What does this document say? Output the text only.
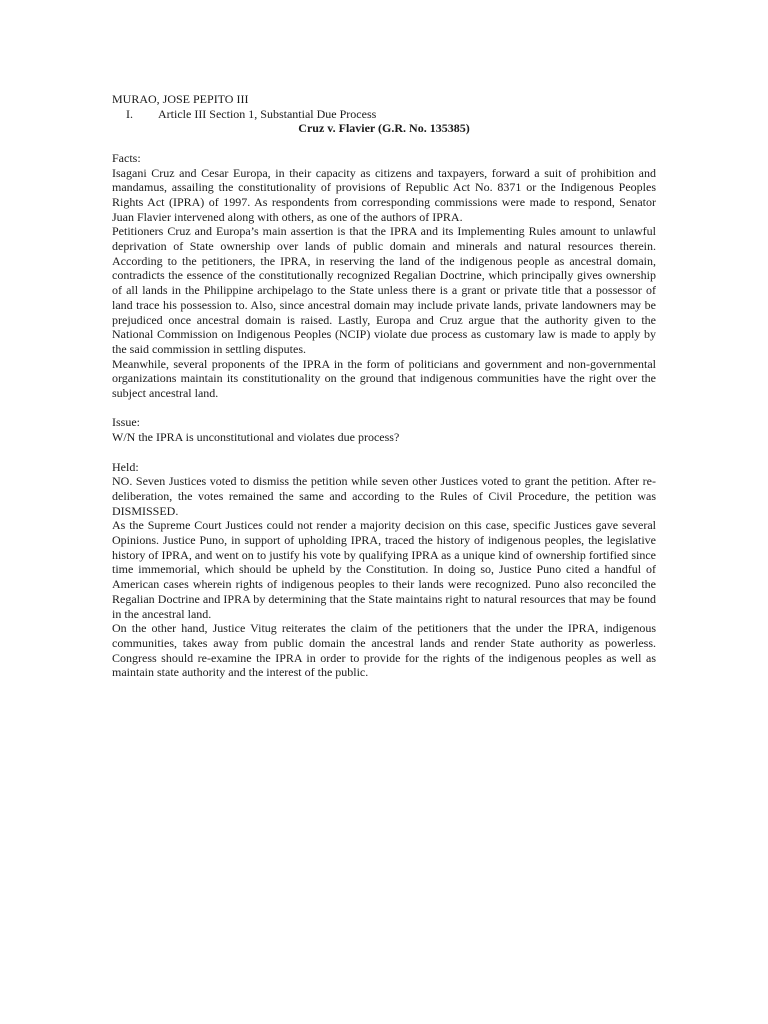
MURAO, JOSE PEPITO III
I.	Article III Section 1, Substantial Due Process
Cruz v. Flavier (G.R. No. 135385)
Facts:

Isagani Cruz and Cesar Europa, in their capacity as citizens and taxpayers, forward a suit of prohibition and mandamus, assailing the constitutionality of provisions of Republic Act No. 8371 or the Indigenous Peoples Rights Act (IPRA) of 1997. As respondents from corresponding commissions were made to respond, Senator Juan Flavier intervened along with others, as one of the authors of IPRA.

Petitioners Cruz and Europa’s main assertion is that the IPRA and its Implementing Rules amount to unlawful deprivation of State ownership over lands of public domain and minerals and natural resources therein. According to the petitioners, the IPRA, in reserving the land of the indigenous people as ancestral domain, contradicts the essence of the constitutionally recognized Regalian Doctrine, which principally gives ownership of all lands in the Philippine archipelago to the State unless there is a grant or private title that a possessor of land trace his possession to. Also, since ancestral domain may include private lands, private landowners may be prejudiced once ancestral domain is raised. Lastly, Europa and Cruz argue that the authority given to the National Commission on Indigenous Peoples (NCIP) violate due process as customary law is made to apply by the said commission in settling disputes.

Meanwhile, several proponents of the IPRA in the form of politicians and government and non-governmental organizations maintain its constitutionality on the ground that indigenous communities have the right over the subject ancestral land.

Issue:

W/N the IPRA is unconstitutional and violates due process?

Held:

NO. Seven Justices voted to dismiss the petition while seven other Justices voted to grant the petition. After re-deliberation, the votes remained the same and according to the Rules of Civil Procedure, the petition was DISMISSED.

As the Supreme Court Justices could not render a majority decision on this case, specific Justices gave several Opinions. Justice Puno, in support of upholding IPRA, traced the history of indigenous peoples, the legislative history of IPRA, and went on to justify his vote by qualifying IPRA as a unique kind of ownership fortified since time immemorial, which should be upheld by the Constitution. In doing so, Justice Puno cited a handful of American cases wherein rights of indigenous peoples to their lands were recognized. Puno also reconciled the Regalian Doctrine and IPRA by determining that the State maintains right to natural resources that may be found in the ancestral land.

On the other hand, Justice Vitug reiterates the claim of the petitioners that the under the IPRA, indigenous communities, takes away from public domain the ancestral lands and render State authority as powerless. Congress should re-examine the IPRA in order to provide for the rights of the indigenous peoples as well as maintain state authority and the interest of the public.
